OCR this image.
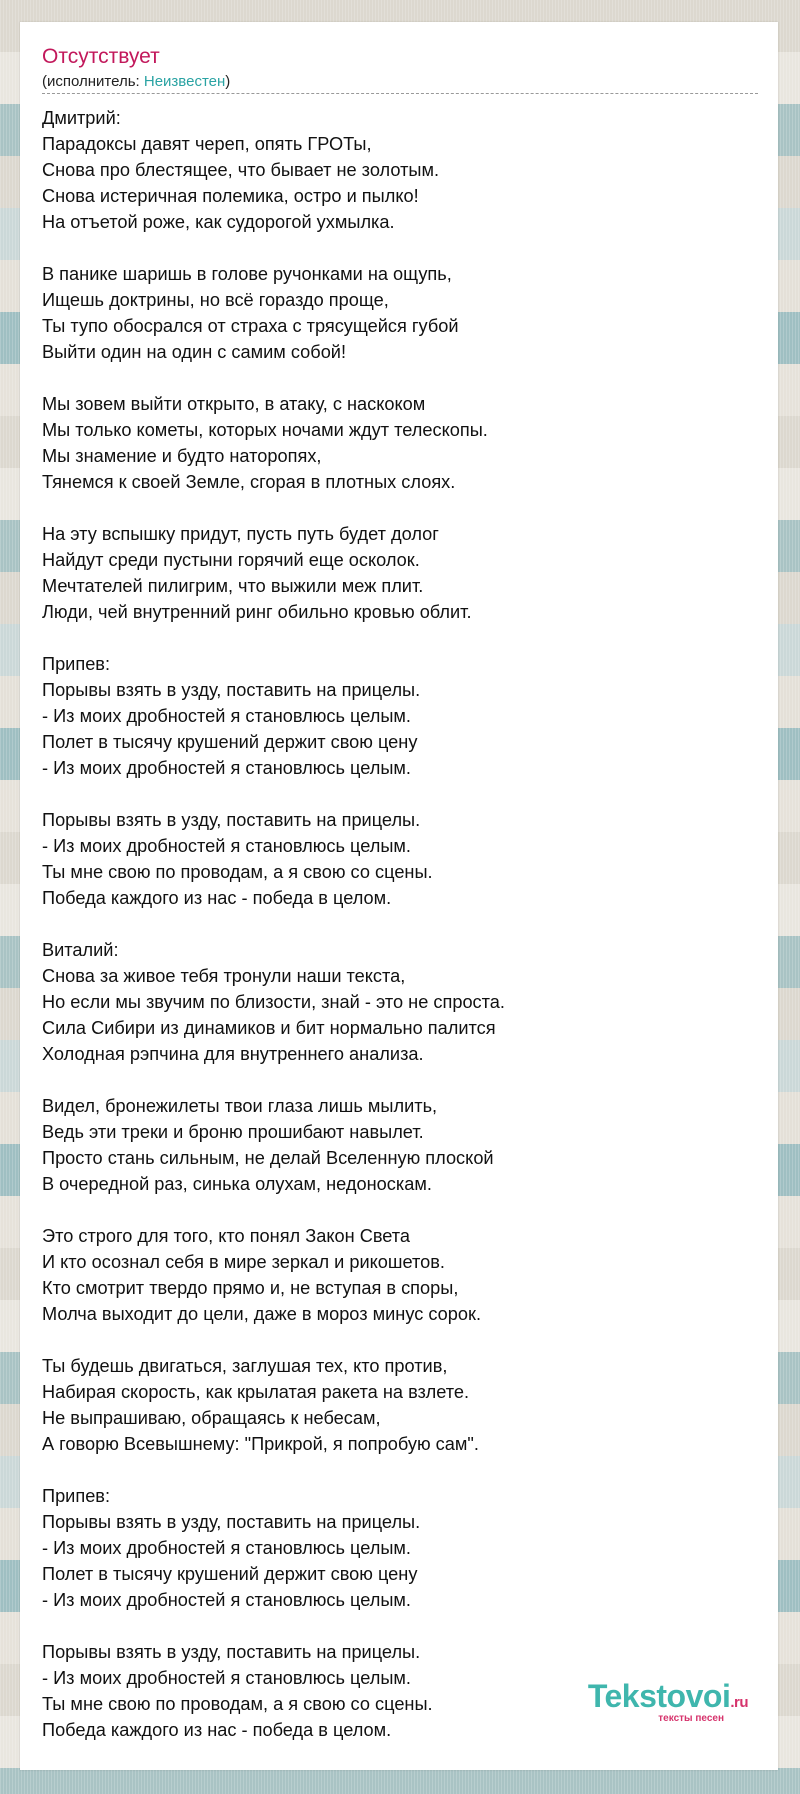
Отсутствует
(исполнитель: Неизвестен)
Дмитрий:
Парадоксы давят череп, опять ГРОТы,
Снова про блестящее, что бывает не золотым.
Снова истеричная полемика, остро и пылко!
На отъетой роже, как судорогой ухмылка.
В панике шаришь в голове ручонками на ощупь,
Ищешь доктрины, но всё гораздо проще,
Ты тупо обосрался от страха с трясущейся губой
Выйти один на один с самим собой!
Мы зовем выйти открыто, в атаку, с наскоком
Мы только кометы, которых ночами ждут телескопы.
Мы знамение и будто наторопях,
Тянемся к своей Земле, сгорая в плотных слоях.
На эту вспышку придут, пусть путь будет долог
Найдут среди пустыни горячий еще осколок.
Мечтателей пилигрим, что выжили меж плит.
Люди, чей внутренний ринг обильно кровью облит.
Припев:
Порывы взять в узду, поставить на прицелы.
- Из моих дробностей я становлюсь целым.
Полет в тысячу крушений держит свою цену
- Из моих дробностей я становлюсь целым.
Порывы взять в узду, поставить на прицелы.
- Из моих дробностей я становлюсь целым.
Ты мне свою по проводам, а я свою со сцены.
Победа каждого из нас - победа в целом.
Виталий:
Снова за живое тебя тронули наши текста,
Но если мы звучим по близости, знай - это не спроста.
Сила Сибири из динамиков и бит нормально палится
Холодная рэпчина для внутреннего анализа.
Видел, бронежилеты твои глаза лишь мылить,
Ведь эти треки и броню прошибают навылет.
Просто стань сильным, не делай Вселенную плоской
В очередной раз, синька олухам, недоноскам.
Это строго для того, кто понял Закон Света
И кто осознал себя в мире зеркал и рикошетов.
Кто смотрит твердо прямо и, не вступая в споры,
Молча выходит до цели, даже в мороз минус сорок.
Ты будешь двигаться, заглушая тех, кто против,
Набирая скорость, как крылатая ракета на взлете.
Не выпрашиваю, обращаясь к небесам,
А говорю Всевышнему: "Прикрой, я попробую сам".
Припев:
Порывы взять в узду, поставить на прицелы.
- Из моих дробностей я становлюсь целым.
Полет в тысячу крушений держит свою цену
- Из моих дробностей я становлюсь целым.
Порывы взять в узду, поставить на прицелы.
- Из моих дробностей я становлюсь целым.
Ты мне свою по проводам, а я свою со сцены.
Победа каждого из нас - победа в целом.
Tekstovoi.ru
тексты песен
